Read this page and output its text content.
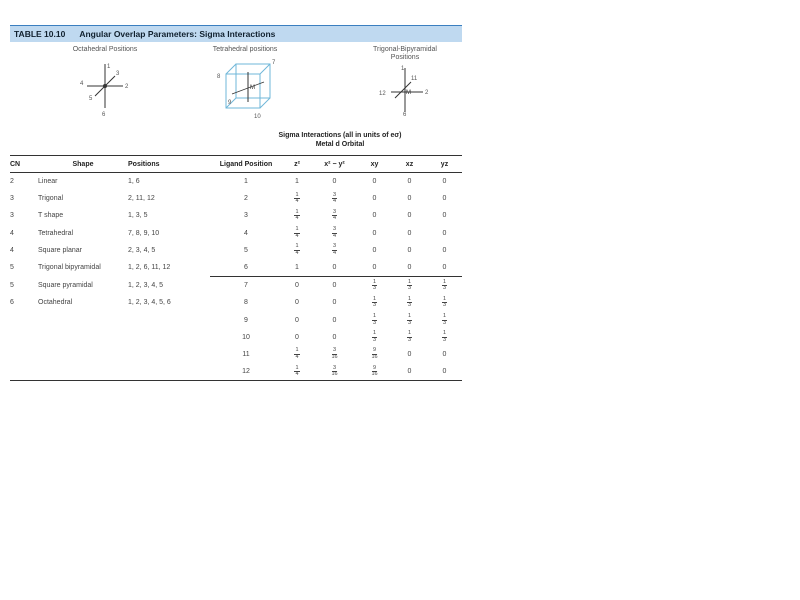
TABLE 10.10 Angular Overlap Parameters: Sigma Interactions
Octahedral Positions
1
2
3
4
5
6
Tetrahedral positions
M
7
8
9
10
Trigonal-Bipyramidal
Positions
M
1
2
11
12
6
Sigma Interactions (all in units of eσ)
Metal d Orbital
CN	Shape	Positions		Ligand Position	z²	x² − y²	xy	xz	yz
2	Linear	1, 6		1	1	0	0	0	0
3	Trigonal	2, 11, 12		2	$\frac{1}{4}$	$\frac{3}{4}$	0	0	0
3	T shape	1, 3, 5		3	$\frac{1}{4}$	$\frac{3}{4}$	0	0	0
4	Tetrahedral	7, 8, 9, 10		4	$\frac{1}{4}$	$\frac{3}{4}$	0	0	0
4	Square planar	2, 3, 4, 5		5	$\frac{1}{4}$	$\frac{3}{4}$	0	0	0
5	Trigonal bipyramidal	1, 2, 6, 11, 12		6	1	0	0	0	0
5	Square pyramidal	1, 2, 3, 4, 5		7	0	0	$\frac{1}{3}$	$\frac{1}{3}$	$\frac{1}{3}$

6	Octahedral	1, 2, 3, 4, 5, 6		8	0	0	$\frac{1}{3}$	$\frac{1}{3}$	$\frac{1}{3}$

				9	0	0	$\frac{1}{3}$	$\frac{1}{3}$	$\frac{1}{3}$

				10	0	0	$\frac{1}{3}$	$\frac{1}{3}$	$\frac{1}{3}$

				11	$\frac{1}{4}$	$\frac{3}{16}$	$\frac{9}{16}$	0	0
				12	$\frac{1}{4}$	$\frac{3}{16}$	$\frac{9}{16}$	0	0
